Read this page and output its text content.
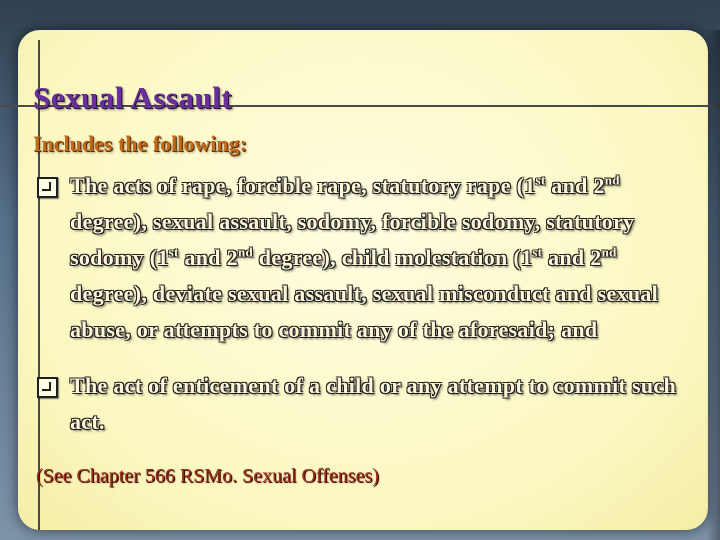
Sexual Assault
Includes the following:
The acts of rape, forcible rape, statutory rape (1st and 2nd degree), sexual assault, sodomy, forcible sodomy, statutory sodomy (1st and 2nd degree), child molestation (1st and 2nd degree), deviate sexual assault, sexual misconduct and sexual abuse, or attempts to commit any of the aforesaid; and
The act of enticement of a child or any attempt to commit such act.

(See Chapter 566 RSMo. Sexual Offenses)
